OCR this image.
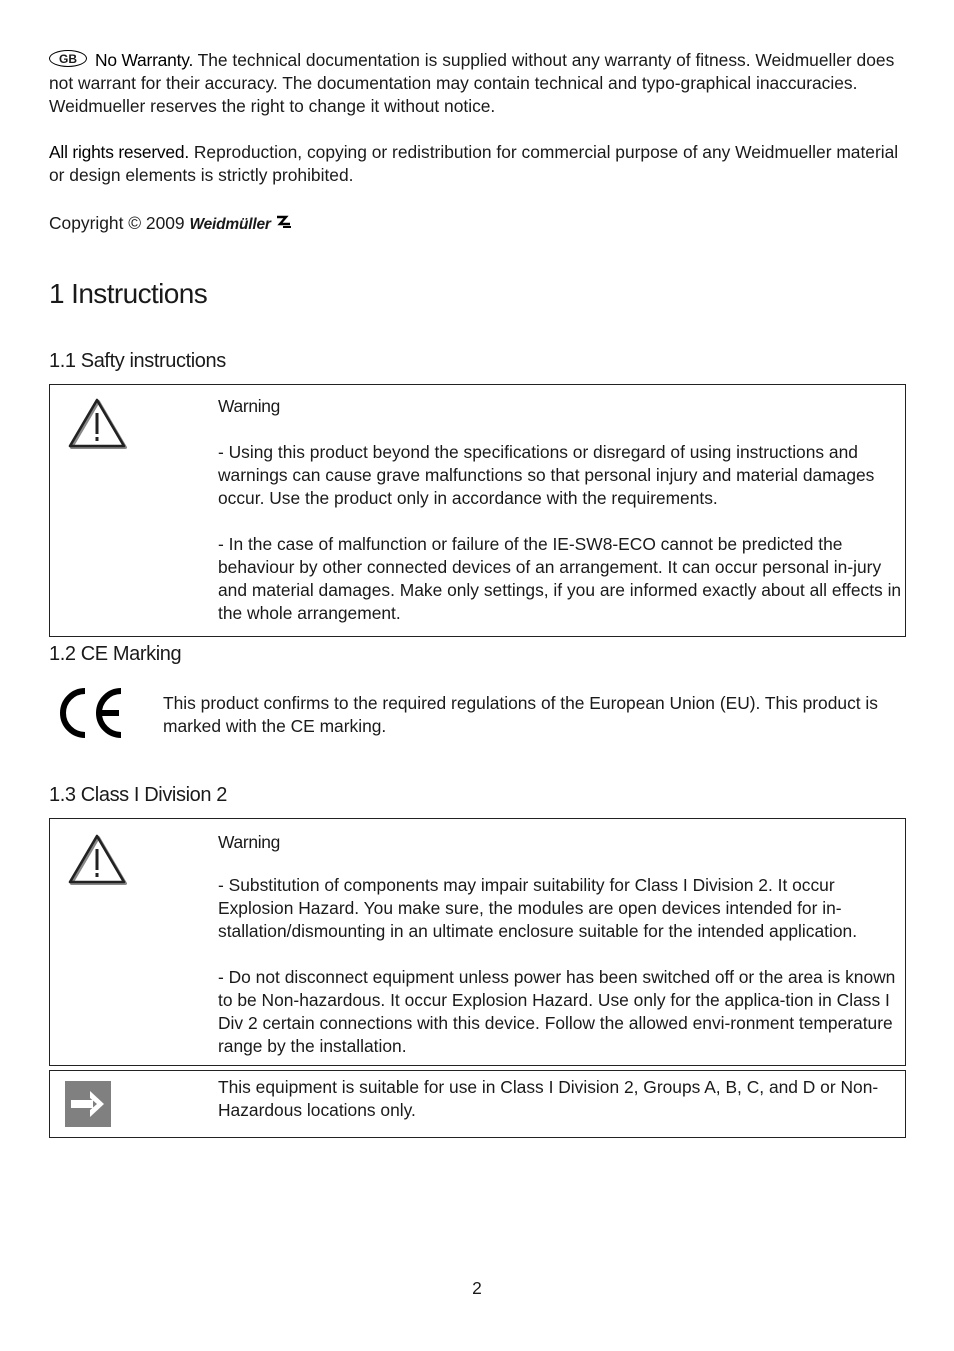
GB No Warranty. The technical documentation is supplied without any warranty of fitness. Weidmueller does not warrant for their accuracy. The documentation may contain technical and typo-graphical inaccuracies. Weidmueller reserves the right to change it without notice.

All rights reserved. Reproduction, copying or redistribution for commercial purpose of any Weidmueller material or design elements is strictly prohibited.

Copyright © 2009 Weidmüller
1 Instructions
1.1 Safty instructions
Warning
- Using this product beyond the specifications or disregard of using instructions and warnings can cause grave malfunctions so that personal injury and material damages occur. Use the product only in accordance with the requirements.
- In the case of malfunction or failure of the IE-SW8-ECO cannot be predicted the behaviour by other connected devices of an arrangement. It can occur personal in-jury and material damages. Make only settings, if you are informed exactly about all effects in the whole arrangement.
1.2 CE Marking
This product confirms to the required regulations of the European Union (EU). This product is marked with the CE marking.
1.3 Class I Division 2
Warning
- Substitution of components may impair suitability for Class I Division 2. It occur Explosion Hazard. You make sure, the modules are open devices intended for in-stallation/dismounting in an ultimate enclosure suitable for the intended application.
- Do not disconnect equipment unless power has been switched off or the area is known to be Non-hazardous. It occur Explosion Hazard. Use only for the applica-tion in Class I Div 2 certain connections with this device. Follow the allowed envi-ronment temperature range by the installation.
This equipment is suitable for use in Class I Division 2, Groups A, B, C, and D or Non-Hazardous locations only.
2
